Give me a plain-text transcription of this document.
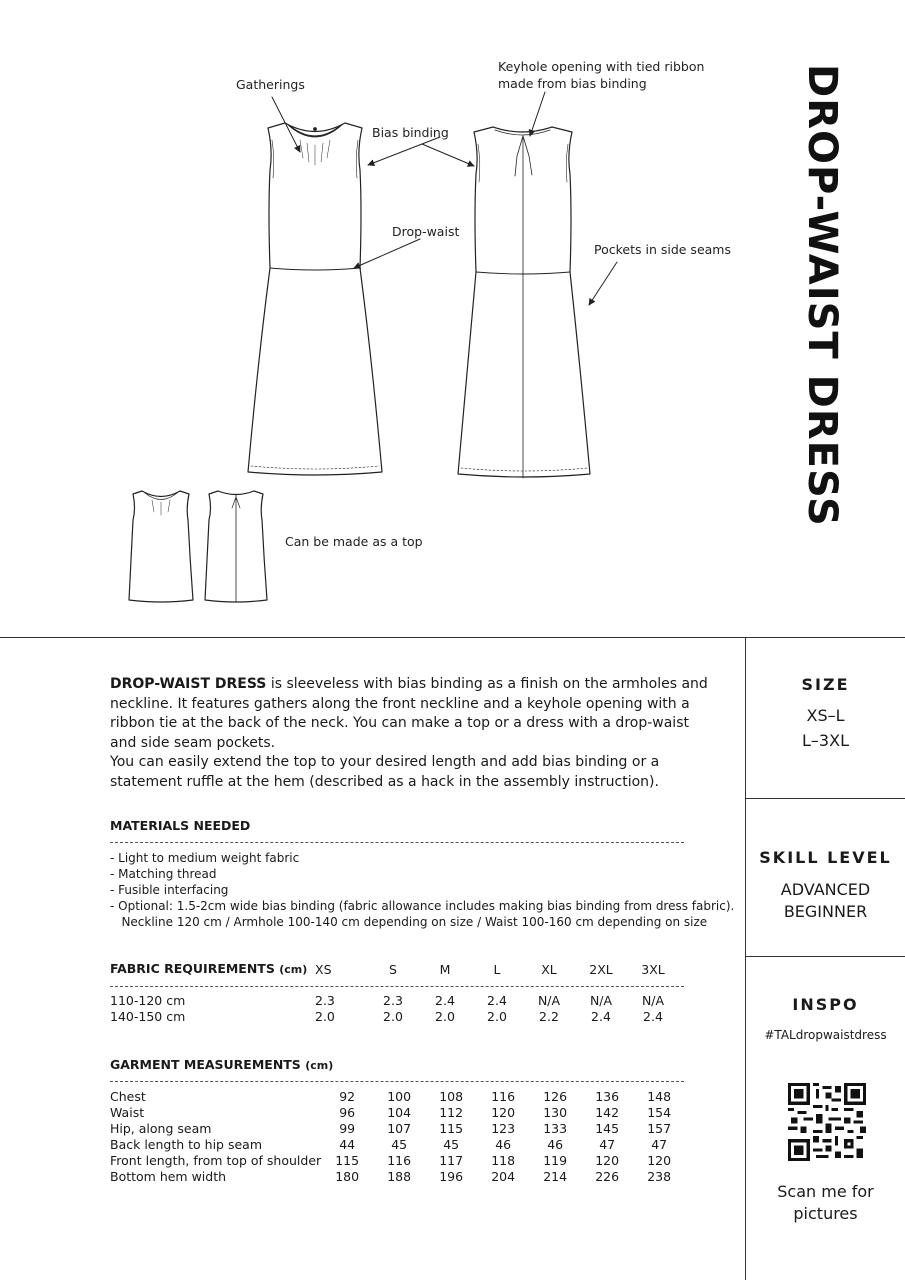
Gatherings
Keyhole opening with tied ribbon
made from bias binding
Bias binding
Drop-waist
Pockets in side seams
Can be made as a top
DROP-WAIST DRESS
DROP-WAIST DRESS is sleeveless with bias binding as a finish on the armholes and neckline. It features gathers along the front neckline and a keyhole opening with a ribbon tie at the back of the neck. You can make a top or a dress with a drop-waist and side seam pockets.
You can easily extend the top to your desired length and add bias binding or a statement ruffle at the hem (described as a hack in the assembly instruction).
MATERIALS NEEDED
- Light to medium weight fabric
- Matching thread
- Fusible interfacing
- Optional: 1.5-2cm wide bias binding (fabric allowance includes making bias binding from dress fabric).
Neckline 120 cm / Armhole 100-140 cm depending on size / Waist 100-160 cm depending on size
FABRIC REQUIREMENTS (cm)	XS	S	M	L	XL	2XL	3XL
110-120 cm	2.3	2.3	2.4	2.4	N/A	N/A	N/A
140-150 cm	2.0	2.0	2.0	2.0	2.2	2.4	2.4
GARMENT MEASUREMENTS (cm)
Chest	92	100	108	116	126	136	148
Waist	96	104	112	120	130	142	154
Hip, along seam	99	107	115	123	133	145	157
Back length to hip seam	44	45	45	46	46	47	47
Front length, from top of shoulder	115	116	117	118	119	120	120
Bottom hem width	180	188	196	204	214	226	238
SIZE
XS–L
L–3XL
SKILL LEVEL
ADVANCED
BEGINNER
INSPO
#TALdropwaistdress
Scan me for
pictures
